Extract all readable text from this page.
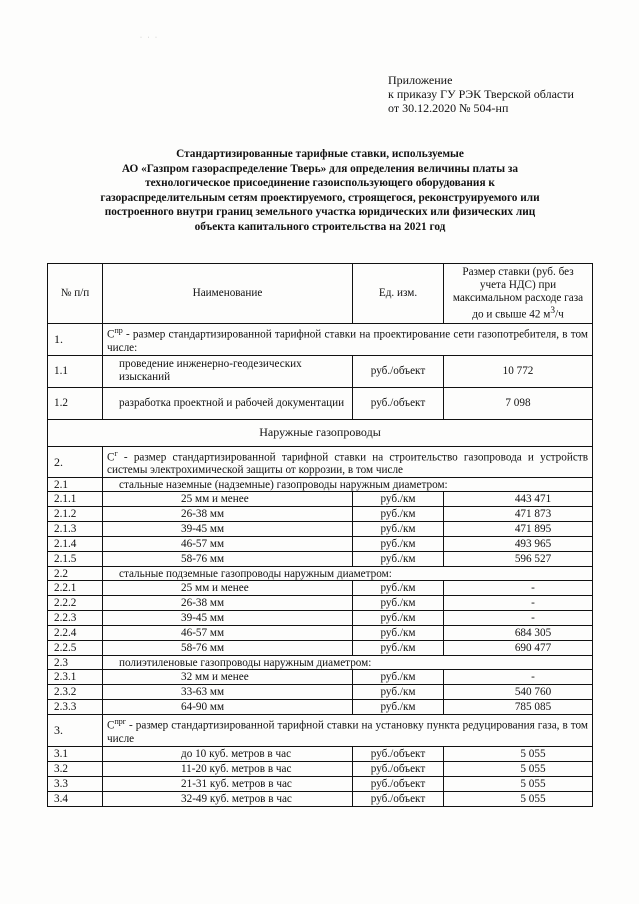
· · ·
Приложение
к приказу ГУ РЭК Тверской области
от 30.12.2020 № 504-нп
Стандартизированные тарифные ставки, используемые
АО «Газпром газораспределение Тверь» для определения величины платы за
технологическое присоединение газоиспользующего оборудования к
газораспределительным сетям проектируемого, строящегося, реконструируемого или
построенного внутри границ земельного участка юридических или физических лиц
объекта капитального строительства на 2021 год
№ п/п	Наименование	Ед. изм.	Размер ставки (руб. без учета НДС) при максимальном расходе газа до и свыше 42 $м^3/ч$
1.	$С^{пр}$ - размер стандартизированной тарифной ставки на проектирование сети газопотребителя, в том числе:		
1.1	проведение инженерно-геодезических изысканий	руб./объект	10 772
1.2	разработка проектной и рабочей документации	руб./объект	7 098
Наружные газопроводы			
2.	$С^г$ - размер стандартизированной тарифной ставки на строительство газопровода и устройств системы электрохимической защиты от коррозии, в том числе		
2.1	стальные наземные (надземные) газопроводы наружным диаметром:		
2.1.1	25 мм и менее	руб./км	443 471
2.1.2	26-38 мм	руб./км	471 873
2.1.3	39-45 мм	руб./км	471 895
2.1.4	46-57 мм	руб./км	493 965
2.1.5	58-76 мм	руб./км	596 527
2.2	стальные подземные газопроводы наружным диаметром:		
2.2.1	25 мм и менее	руб./км	-
2.2.2	26-38 мм	руб./км	-
2.2.3	39-45 мм	руб./км	-
2.2.4	46-57 мм	руб./км	684 305
2.2.5	58-76 мм	руб./км	690 477
2.3	полиэтиленовые газопроводы наружным диаметром:		
2.3.1	32 мм и менее	руб./км	-
2.3.2	33-63 мм	руб./км	540 760
2.3.3	64-90 мм	руб./км	785 085
3.	$С^{прг}$ - размер стандартизированной тарифной ставки на установку пункта редуцирования газа, в том числе		
3.1	до 10 куб. метров в час	руб./объект	5 055
3.2	11-20 куб. метров в час	руб./объект	5 055
3.3	21-31 куб. метров в час	руб./объект	5 055
3.4	32-49 куб. метров в час	руб./объект	5 055
